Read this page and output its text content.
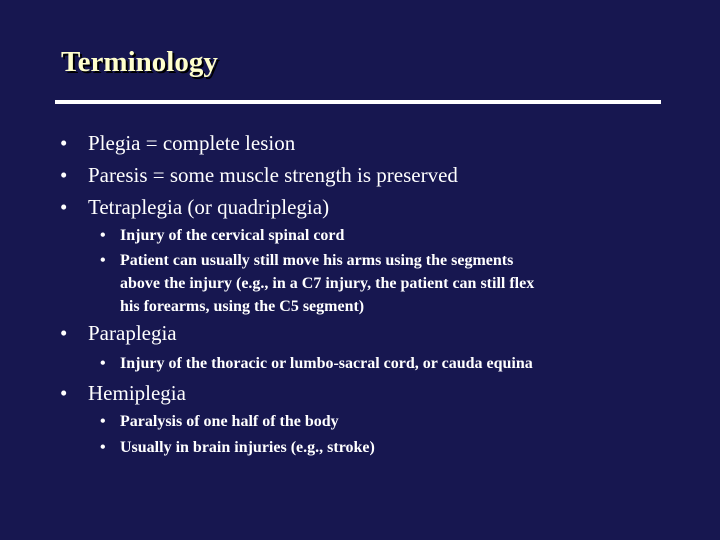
Terminology
• Plegia = complete lesion
• Paresis = some muscle strength is preserved
• Tetraplegia (or quadriplegia)
• Injury of the cervical spinal cord
• Patient can usually still move his arms using the segments
above the injury (e.g., in a C7 injury, the patient can still flex
his forearms, using the C5 segment)
• Paraplegia
• Injury of the thoracic or lumbo-sacral cord, or cauda equina
• Hemiplegia
• Paralysis of one half of the body
• Usually in brain injuries (e.g., stroke)
